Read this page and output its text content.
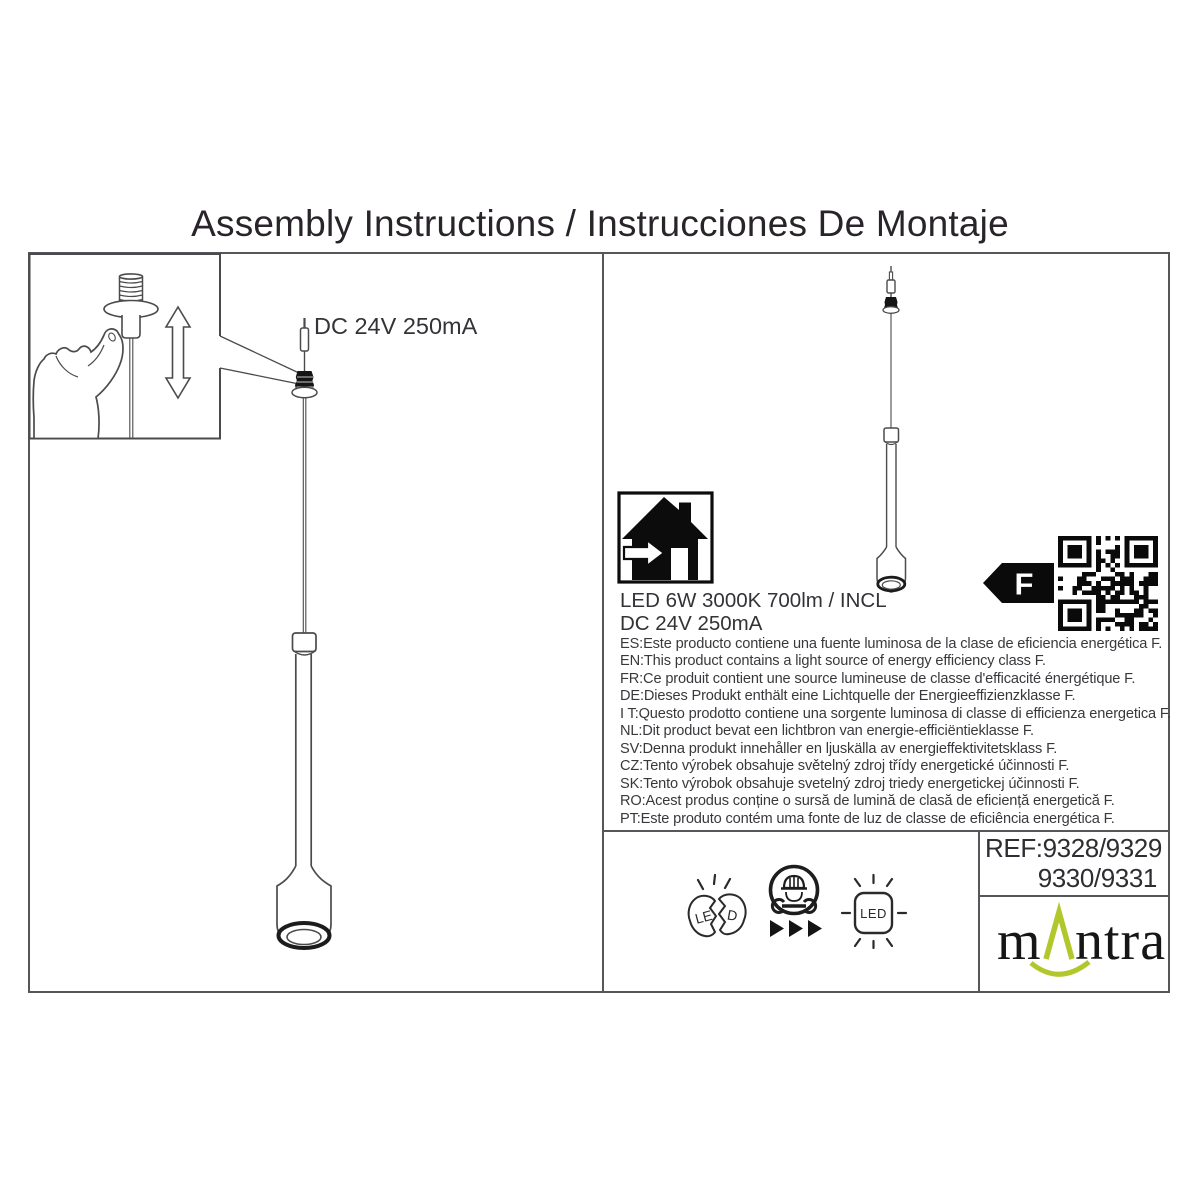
Assembly Instructions / Instrucciones De Montaje
DC 24V 250mA
LED 6W 3000K 700lm / INCL
DC 24V 250mA
ES:Este producto contiene una fuente luminosa de la clase de eficiencia energética F.
EN:This product contains a light source of energy efficiency class F.
FR:Ce produit contient une source lumineuse de classe d'efficacité énergétique F.
DE:Dieses Produkt enthält eine Lichtquelle der Energieeffizienzklasse F.
I T:Questo prodotto contiene una sorgente luminosa di classe di efficienza energetica F.
NL:Dit product bevat een lichtbron van energie-efficiëntieklasse F.
SV:Denna produkt innehåller en ljuskälla av energieffektivitetsklass F.
CZ:Tento výrobek obsahuje světelný zdroj třídy energetické účinnosti F.
SK:Tento výrobok obsahuje svetelný zdroj triedy energetickej účinnosti F.
RO:Acest produs conține o sursă de lumină de clasă de eficiență energetică F.
PT:Este produto contém uma fonte de luz de classe de eficiência energética F.
F
REF:9328/9329
9330/9331
LE D	LED m ntra
